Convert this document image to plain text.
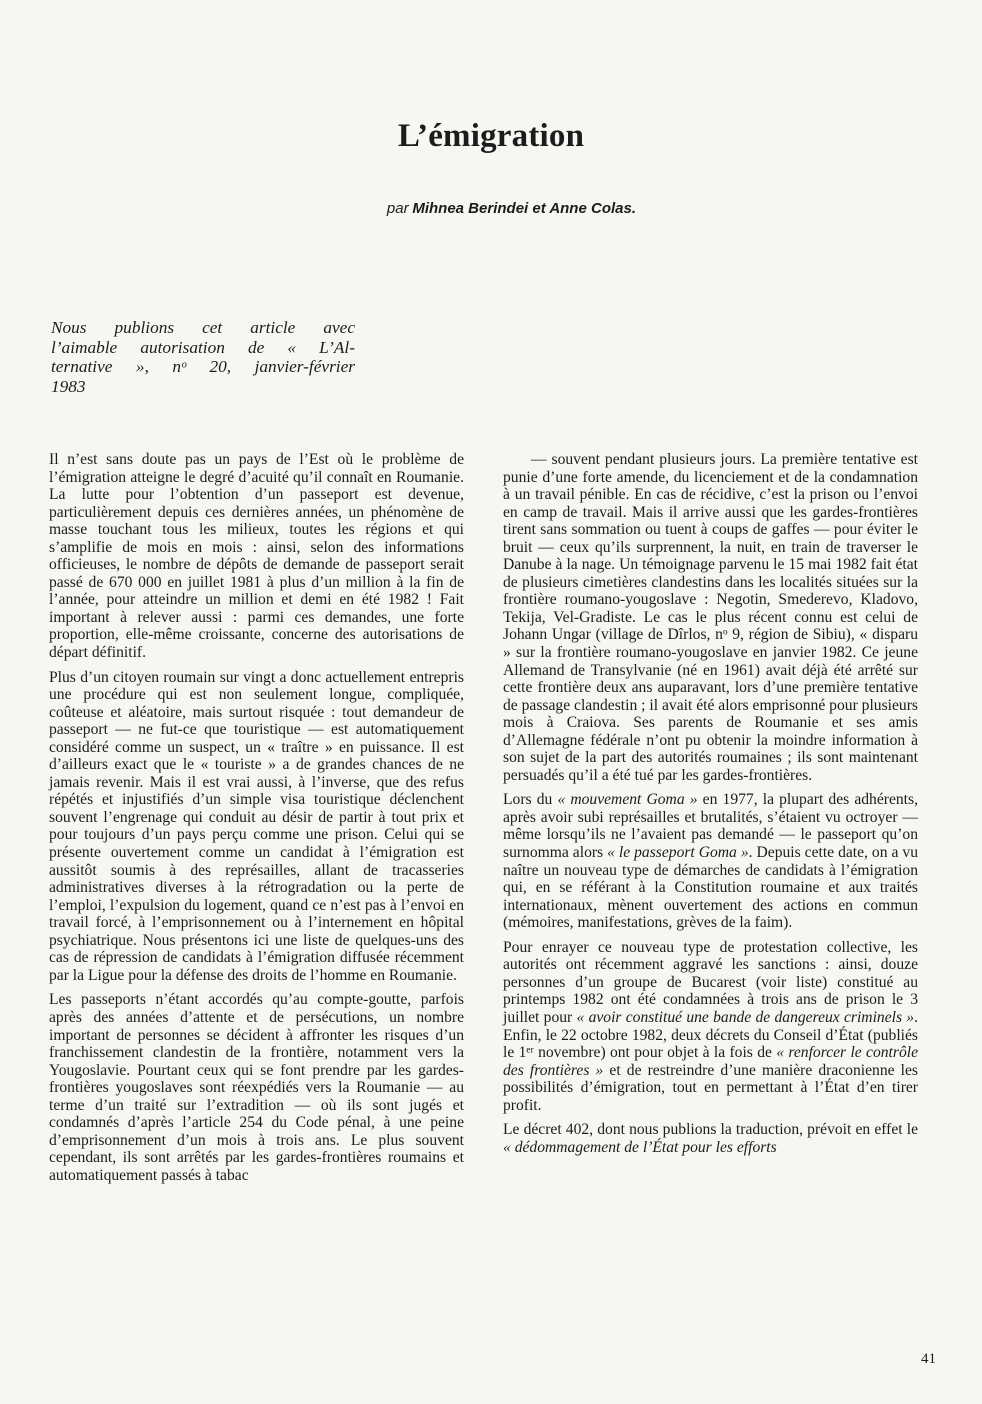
L’émigration
par Mihnea Berindei et Anne Colas.
Nous publions cet article avec
l’aimable autorisation de « L’Al-
ternative », nᵒ 20, janvier-février
1983

Il n’est sans doute pas un pays de l’Est où le problème de l’émigration atteigne le degré d’acuité qu’il connaît en Roumanie. La lutte pour l’obtention d’un passeport est devenue, particulièrement depuis ces dernières années, un phénomène de masse touchant tous les milieux, toutes les régions et qui s’amplifie de mois en mois : ainsi, selon des informations officieuses, le nombre de dépôts de demande de passeport serait passé de 670 000 en juillet 1981 à plus d’un million à la fin de l’année, pour atteindre un million et demi en été 1982 ! Fait important à relever aussi : parmi ces demandes, une forte proportion, elle-même croissante, concerne des autorisations de départ définitif.

Plus d’un citoyen roumain sur vingt a donc actuellement entrepris une procédure qui est non seulement longue, compliquée, coûteuse et aléatoire, mais surtout risquée : tout demandeur de passeport — ne fut-ce que touristique — est automatiquement considéré comme un suspect, un « traître » en puissance. Il est d’ailleurs exact que le « touriste » a de grandes chances de ne jamais revenir. Mais il est vrai aussi, à l’inverse, que des refus répétés et injustifiés d’un simple visa touristique déclenchent souvent l’engrenage qui conduit au désir de partir à tout prix et pour toujours d’un pays perçu comme une prison. Celui qui se présente ouvertement comme un candidat à l’émigration est aussitôt soumis à des représailles, allant de tracasseries administratives diverses à la rétrogradation ou la perte de l’emploi, l’expulsion du logement, quand ce n’est pas à l’envoi en travail forcé, à l’emprisonnement ou à l’internement en hôpital psychiatrique. Nous présentons ici une liste de quelques-uns des cas de répression de candidats à l’émigration diffusée récemment par la Ligue pour la défense des droits de l’homme en Roumanie.

Les passeports n’étant accordés qu’au compte-goutte, parfois après des années d’attente et de persécutions, un nombre important de personnes se décident à affronter les risques d’un franchissement clandestin de la frontière, notamment vers la Yougoslavie. Pourtant ceux qui se font prendre par les gardes-frontières yougoslaves sont réexpédiés vers la Roumanie — au terme d’un traité sur l’extradition — où ils sont jugés et condamnés d’après l’article 254 du Code pénal, à une peine d’emprisonnement d’un mois à trois ans. Le plus souvent cependant, ils sont arrêtés par les gardes-frontières roumains et automatiquement passés à tabac

— souvent pendant plusieurs jours. La première tentative est punie d’une forte amende, du licenciement et de la condamnation à un travail pénible. En cas de récidive, c’est la prison ou l’envoi en camp de travail. Mais il arrive aussi que les gardes-frontières tirent sans sommation ou tuent à coups de gaffes — pour éviter le bruit — ceux qu’ils surprennent, la nuit, en train de traverser le Danube à la nage. Un témoignage parvenu le 15 mai 1982 fait état de plusieurs cimetières clandestins dans les localités situées sur la frontière roumano-yougoslave : Negotin, Smederevo, Kladovo, Tekija, Vel-Gradiste. Le cas le plus récent connu est celui de Johann Ungar (village de Dîrlos, nᵒ 9, région de Sibiu), « disparu » sur la frontière roumano-yougoslave en janvier 1982. Ce jeune Allemand de Transylvanie (né en 1961) avait déjà été arrêté sur cette frontière deux ans auparavant, lors d’une première tentative de passage clandestin ; il avait été alors emprisonné pour plusieurs mois à Craiova. Ses parents de Roumanie et ses amis d’Allemagne fédérale n’ont pu obtenir la moindre information à son sujet de la part des autorités roumaines ; ils sont maintenant persuadés qu’il a été tué par les gardes-frontières.

Lors du « mouvement Goma » en 1977, la plupart des adhérents, après avoir subi représailles et brutalités, s’étaient vu octroyer — même lorsqu’ils ne l’avaient pas demandé — le passeport qu’on surnomma alors « le passeport Goma ». Depuis cette date, on a vu naître un nouveau type de démarches de candidats à l’émigration qui, en se référant à la Constitution roumaine et aux traités internationaux, mènent ouvertement des actions en commun (mémoires, manifestations, grèves de la faim).

Pour enrayer ce nouveau type de protestation collective, les autorités ont récemment aggravé les sanctions : ainsi, douze personnes d’un groupe de Bucarest (voir liste) constitué au printemps 1982 ont été condamnées à trois ans de prison le 3 juillet pour « avoir constitué une bande de dangereux criminels ». Enfin, le 22 octobre 1982, deux décrets du Conseil d’État (publiés le 1ᵉʳ novembre) ont pour objet à la fois de « renforcer le contrôle des frontières » et de restreindre d’une manière draconienne les possibilités d’émigration, tout en permettant à l’État d’en tirer profit.

Le décret 402, dont nous publions la traduction, prévoit en effet le « dédommagement de l’État pour les efforts

41
